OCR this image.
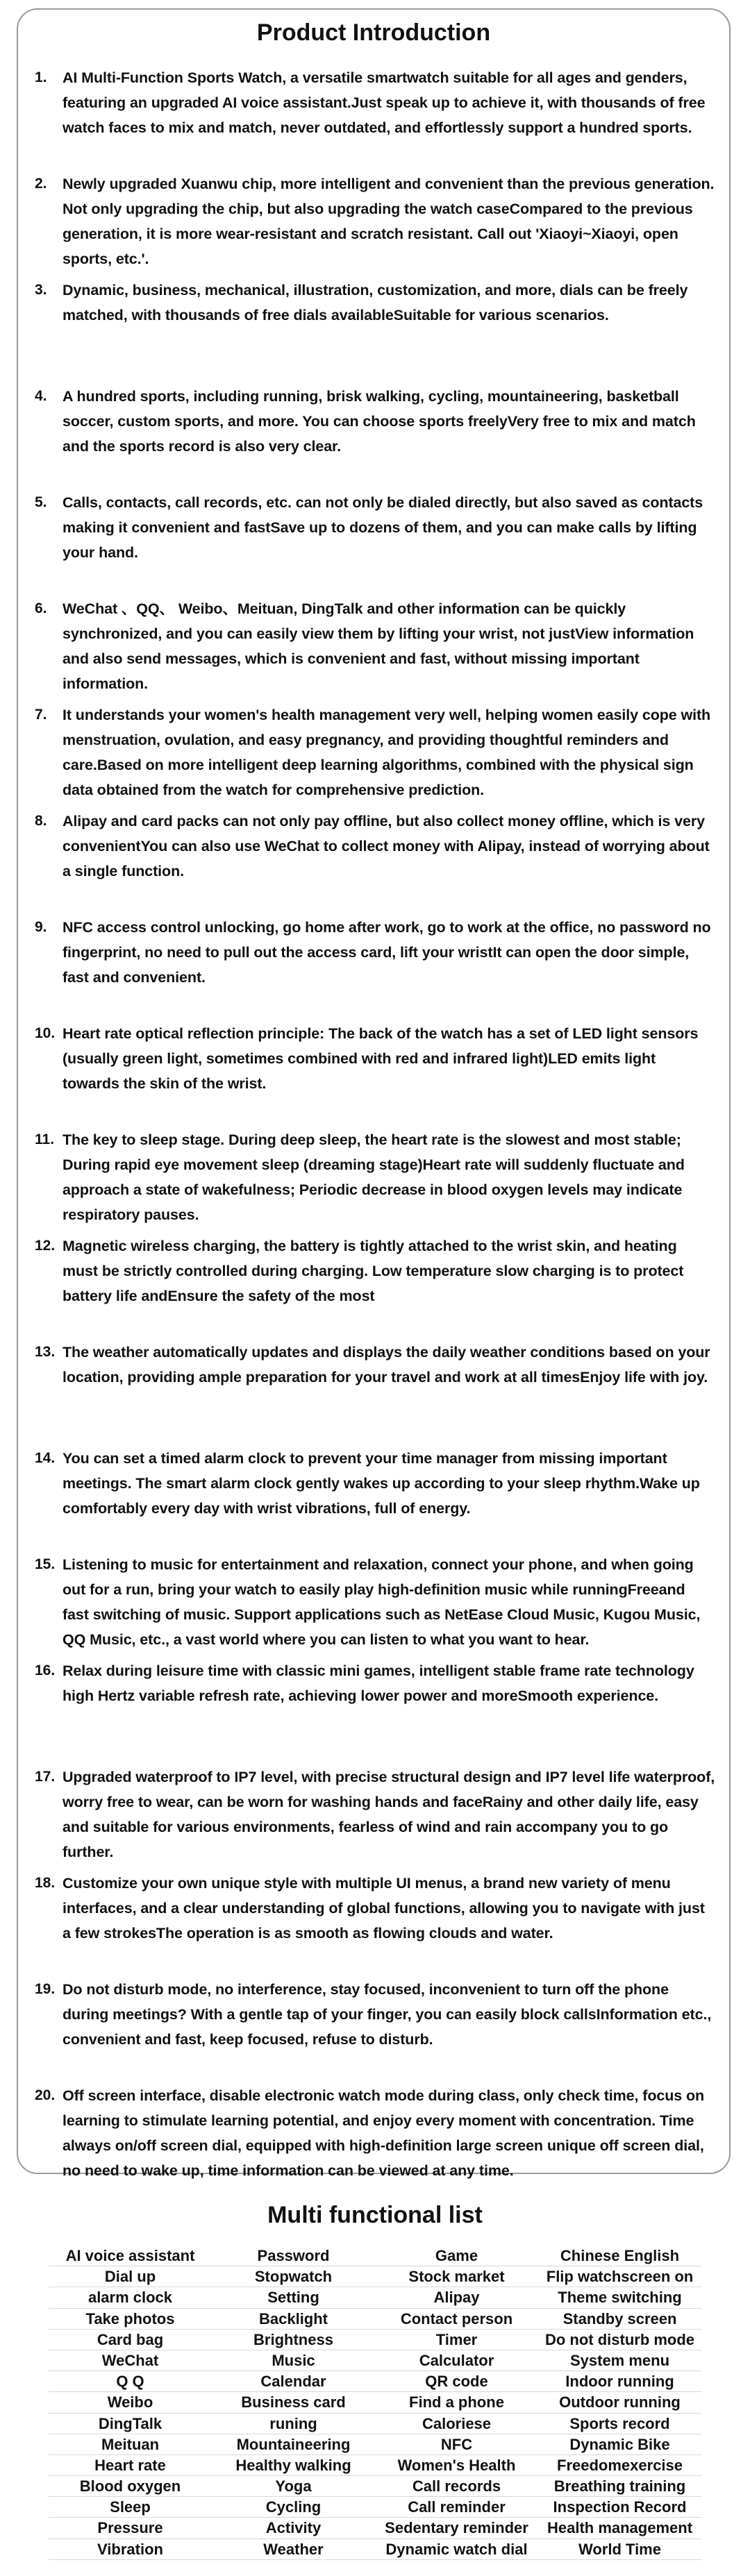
Product Introduction
1.	AI Multi-Function Sports Watch, a versatile smartwatch suitable for all ages and genders, featuring an upgraded AI voice assistant.Just speak up to achieve it, with thousands of free watch faces to mix and match, never outdated, and effortlessly support a hundred sports.
2.	Newly upgraded Xuanwu chip, more intelligent and convenient than the previous generation. Not only upgrading the chip, but also upgrading the watch caseCompared to the previous generation, it is more wear-resistant and scratch resistant. Call out 'Xiaoyi~Xiaoyi, open sports, etc.'.
3.	Dynamic, business, mechanical, illustration, customization, and more, dials can be freely matched, with thousands of free dials availableSuitable for various scenarios.
4.	A hundred sports, including running, brisk walking, cycling, mountaineering, basketball soccer, custom sports, and more. You can choose sports freelyVery free to mix and match and the sports record is also very clear.
5.	Calls, contacts, call records, etc. can not only be dialed directly, but also saved as contacts making it convenient and fastSave up to dozens of them, and you can make calls by lifting your hand.
6.	WeChat 、QQ、 Weibo、Meituan, DingTalk and other information can be quickly synchronized, and you can easily view them by lifting your wrist, not justView information and also send messages, which is convenient and fast, without missing important information.
7.	It understands your women's health management very well, helping women easily cope with menstruation, ovulation, and easy pregnancy, and providing thoughtful reminders and care.Based on more intelligent deep learning algorithms, combined with the physical sign data obtained from the watch for comprehensive prediction.
8.	Alipay and card packs can not only pay offline, but also collect money offline, which is very convenientYou can also use WeChat to collect money with Alipay, instead of worrying about a single function.
9.	NFC access control unlocking, go home after work, go to work at the office, no password no fingerprint, no need to pull out the access card, lift your wristIt can open the door simple, fast and convenient.
10. Heart rate optical reflection principle: The back of the watch has a set of LED light sensors (usually green light, sometimes combined with red and infrared light)LED emits light towards the skin of the wrist.
11. The key to sleep stage. During deep sleep, the heart rate is the slowest and most stable; During rapid eye movement sleep (dreaming stage)Heart rate will suddenly fluctuate and approach a state of wakefulness; Periodic decrease in blood oxygen levels may indicate respiratory pauses.
12. Magnetic wireless charging, the battery is tightly attached to the wrist skin, and heating must be strictly controlled during charging. Low temperature slow charging is to protect battery life andEnsure the safety of the most
13. The weather automatically updates and displays the daily weather conditions based on your location, providing ample preparation for your travel and work at all timesEnjoy life with joy.
14. You can set a timed alarm clock to prevent your time manager from missing important meetings. The smart alarm clock gently wakes up according to your sleep rhythm.Wake up comfortably every day with wrist vibrations, full of energy.
15. Listening to music for entertainment and relaxation, connect your phone, and when going out for a run, bring your watch to easily play high-definition music while runningFreeand fast switching of music. Support applications such as NetEase Cloud Music, Kugou Music, QQ Music, etc., a vast world where you can listen to what you want to hear.
16. Relax during leisure time with classic mini games, intelligent stable frame rate technology high Hertz variable refresh rate, achieving lower power and moreSmooth experience.
17. Upgraded waterproof to IP7 level, with precise structural design and IP7 level life waterproof, worry free to wear, can be worn for washing hands and faceRainy and other daily life, easy and suitable for various environments, fearless of wind and rain accompany you to go further.
18. Customize your own unique style with multiple UI menus, a brand new variety of menu interfaces, and a clear understanding of global functions, allowing you to navigate with just a few strokesThe operation is as smooth as flowing clouds and water.
19. Do not disturb mode, no interference, stay focused, inconvenient to turn off the phone during meetings? With a gentle tap of your finger, you can easily block callsInformation etc., convenient and fast, keep focused, refuse to disturb.
20. Off screen interface, disable electronic watch mode during class, only check time, focus on learning to stimulate learning potential, and enjoy every moment with concentration. Time always on/off screen dial, equipped with high-definition large screen unique off screen dial, no need to wake up, time information can be viewed at any time.
Multi functional list
AI voice assistant	Password	Game	Chinese English
Dial up	Stopwatch	Stock market	Flip watchscreen on
alarm clock	Setting	Alipay	Theme switching
Take photos	Backlight	Contact person	Standby screen
Card bag	Brightness	Timer	Do not disturb mode
WeChat	Music	Calculator	System menu
Q Q	Calendar	QR code	Indoor running
Weibo	Business card	Find a phone	Outdoor running
DingTalk	runing	Caloriese	Sports record
Meituan	Mountaineering	NFC	Dynamic Bike
Heart rate	Healthy walking	Women's Health	Freedomexercise
Blood oxygen	Yoga	Call records	Breathing training
Sleep	Cycling	Call reminder	Inspection Record
Pressure	Activity	Sedentary reminder	Health management
Vibration	Weather	Dynamic watch dial	World Time
